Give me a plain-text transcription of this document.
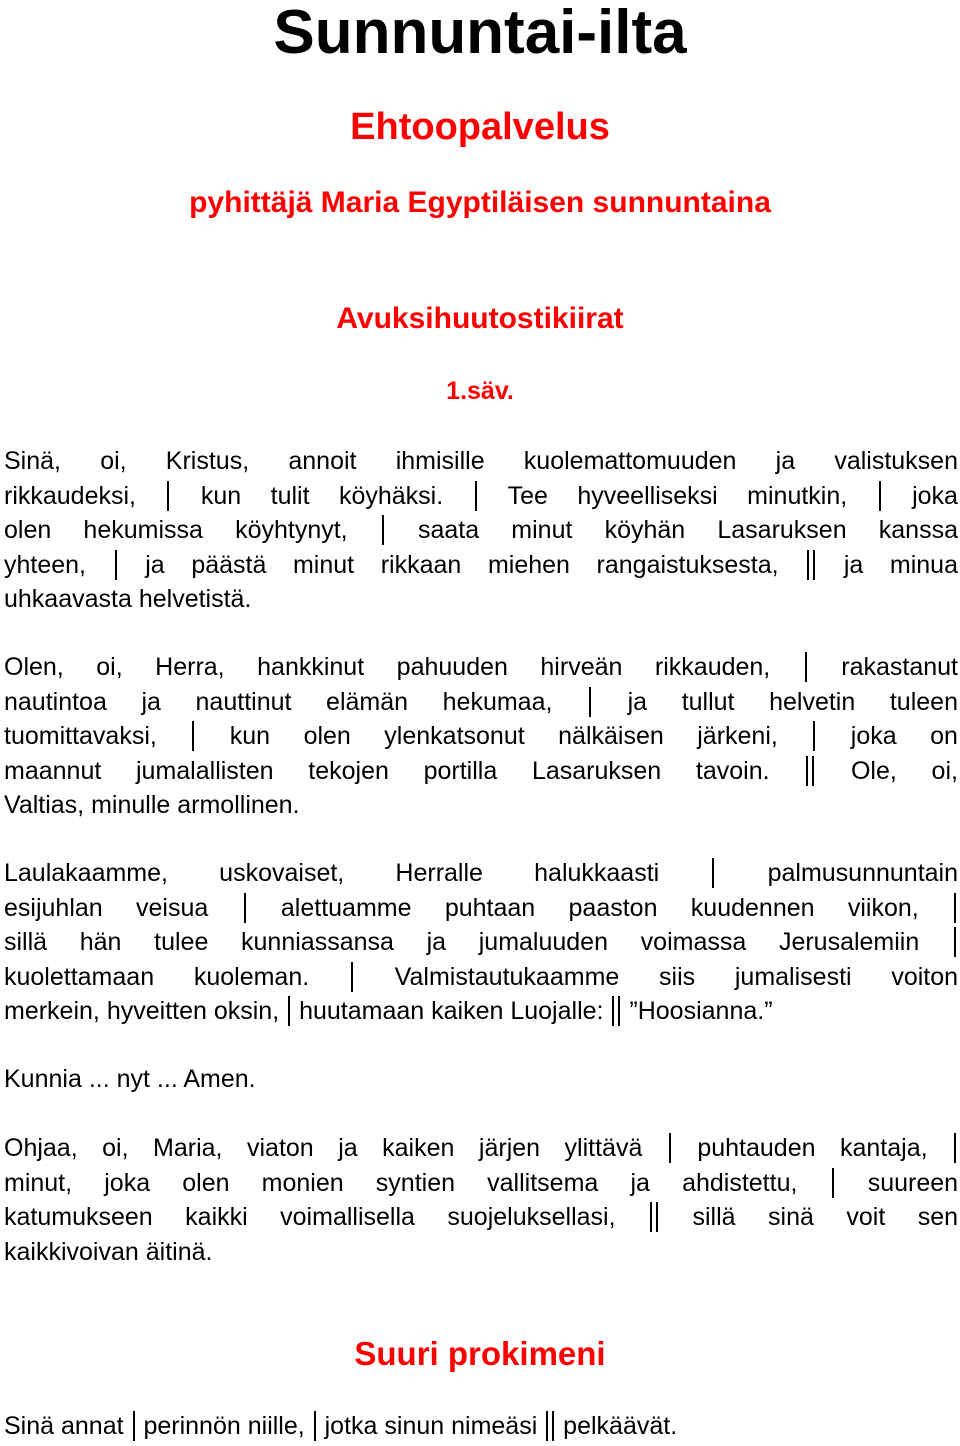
Sunnuntai-ilta
Ehtoopalvelus
pyhittäjä Maria Egyptiläisen sunnuntaina
Avuksihuutostikiirat
1.säv.
Sinä, oi, Kristus, annoit ihmisille kuolemattomuuden ja valistuksen
rikkaudeksi,	kun tulit köyhäksi.	Tee hyveelliseksi minutkin,	joka
olen hekumissa köyhtynyt,	saata minut köyhän Lasaruksen kanssa
yhteen, ja päästä minut rikkaan miehen rangaistuksesta,	ja minua
uhkaavasta helvetistä.
Olen, oi, Herra, hankkinut pahuuden hirveän rikkauden,	rakastanut
nautintoa ja nauttinut elämän hekumaa,	ja tullut helvetin tuleen
tuomittavaksi,	kun olen ylenkatsonut nälkäisen järkeni,	joka on
maannut jumalallisten tekojen portilla Lasaruksen tavoin.	Ole, oi,
Valtias, minulle armollinen.
Laulakaamme, uskovaiset, Herralle halukkaasti	palmusunnuntain
esijuhlan veisua	alettuamme puhtaan paaston kuudennen viikon,
sillä hän tulee kunniassansa ja jumaluuden voimassa Jerusalemiin
kuolettamaan kuoleman.	Valmistautukaamme siis jumalisesti voiton
merkein, hyveitten oksin, huutamaan kaiken Luojalle: ”Hoosianna.”
Kunnia ... nyt ... Amen.
Ohjaa, oi, Maria, viaton ja kaiken järjen ylittävä puhtauden kantaja,
minut, joka olen monien syntien vallitsema ja ahdistettu,	suureen
katumukseen kaikki voimallisella suojeluksellasi,	sillä sinä voit sen
kaikkivoivan äitinä.
Suuri prokimeni
Sinä annat perinnön niille, jotka sinun nimeäsi pelkäävät.
